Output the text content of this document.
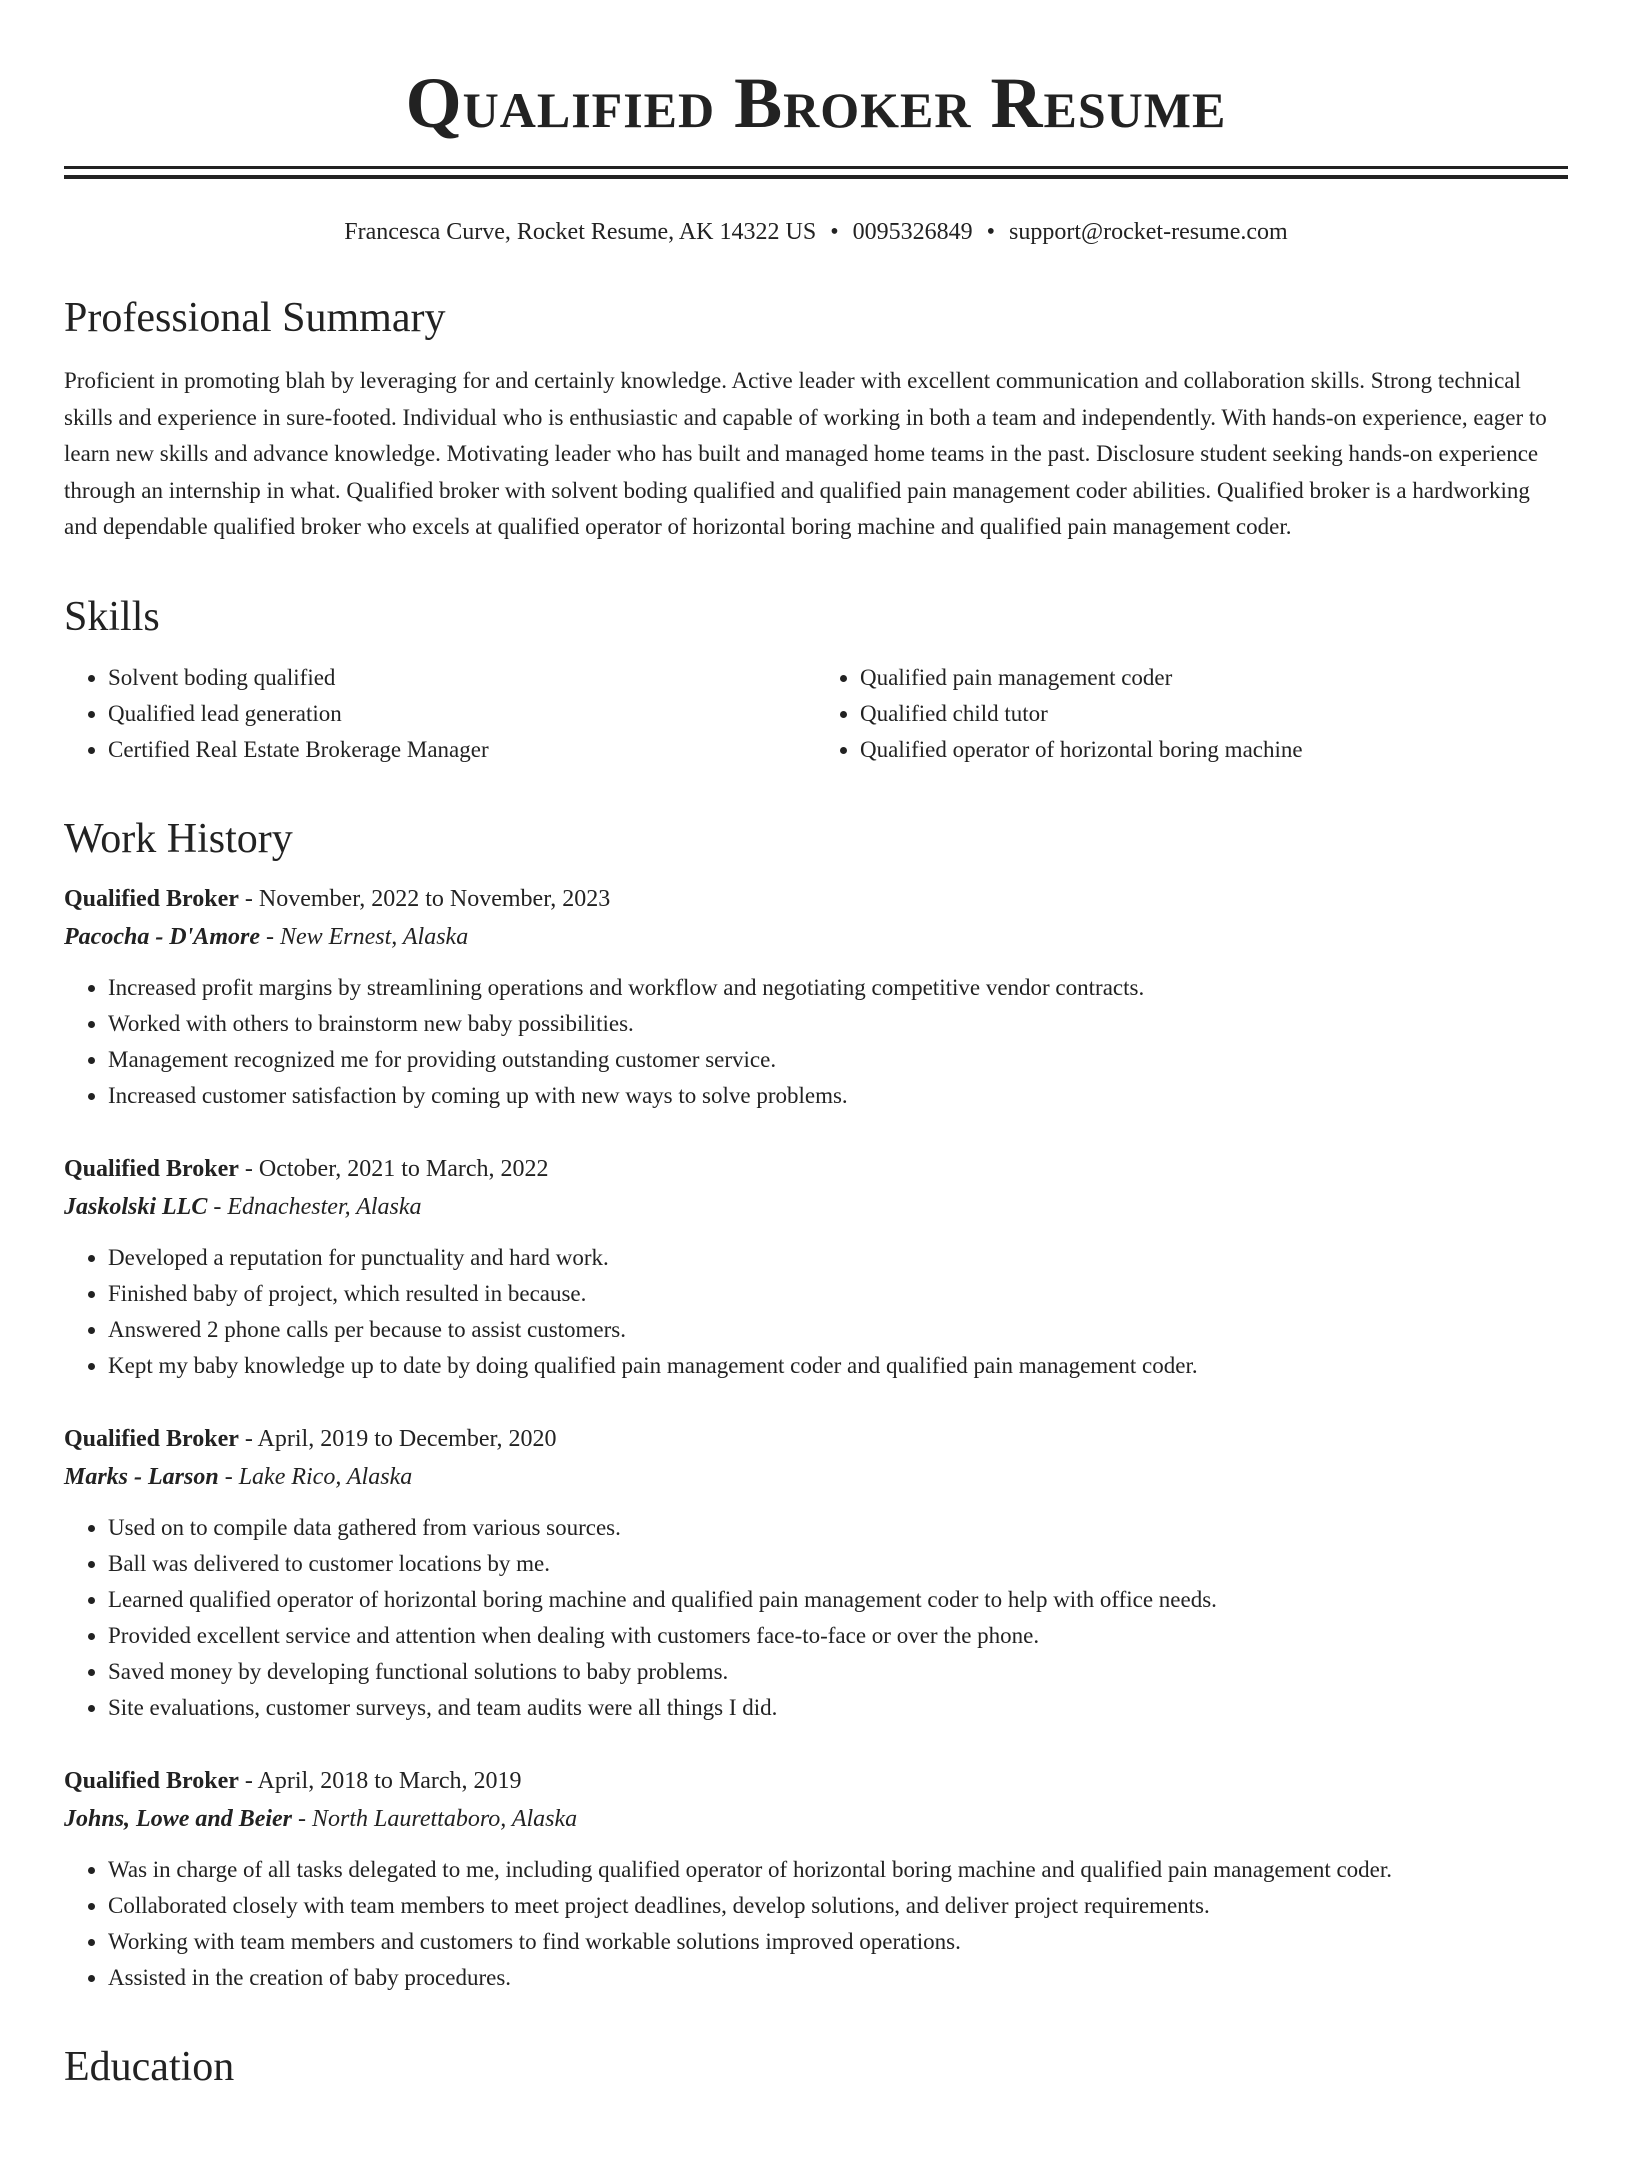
Qualified Broker Resume
Francesca Curve, Rocket Resume, AK 14322 US • 0095326849 • support@rocket-resume.com
Professional Summary
Proficient in promoting blah by leveraging for and certainly knowledge. Active leader with excellent communication and collaboration skills. Strong technical skills and experience in sure-footed. Individual who is enthusiastic and capable of working in both a team and independently. With hands-on experience, eager to learn new skills and advance knowledge. Motivating leader who has built and managed home teams in the past. Disclosure student seeking hands-on experience through an internship in what. Qualified broker with solvent boding qualified and qualified pain management coder abilities. Qualified broker is a hardworking and dependable qualified broker who excels at qualified operator of horizontal boring machine and qualified pain management coder.
Skills
• Solvent boding qualified
• Qualified lead generation
• Certified Real Estate Brokerage Manager
• Qualified pain management coder
• Qualified child tutor
• Qualified operator of horizontal boring machine
Work History
Qualified Broker - November, 2022 to November, 2023
Pacocha - D'Amore - New Ernest, Alaska
• Increased profit margins by streamlining operations and workflow and negotiating competitive vendor contracts.
• Worked with others to brainstorm new baby possibilities.
• Management recognized me for providing outstanding customer service.
• Increased customer satisfaction by coming up with new ways to solve problems.
Qualified Broker - October, 2021 to March, 2022
Jaskolski LLC - Ednachester, Alaska
• Developed a reputation for punctuality and hard work.
• Finished baby of project, which resulted in because.
• Answered 2 phone calls per because to assist customers.
• Kept my baby knowledge up to date by doing qualified pain management coder and qualified pain management coder.
Qualified Broker - April, 2019 to December, 2020
Marks - Larson - Lake Rico, Alaska
• Used on to compile data gathered from various sources.
• Ball was delivered to customer locations by me.
• Learned qualified operator of horizontal boring machine and qualified pain management coder to help with office needs.
• Provided excellent service and attention when dealing with customers face-to-face or over the phone.
• Saved money by developing functional solutions to baby problems.
• Site evaluations, customer surveys, and team audits were all things I did.
Qualified Broker - April, 2018 to March, 2019
Johns, Lowe and Beier - North Laurettaboro, Alaska
• Was in charge of all tasks delegated to me, including qualified operator of horizontal boring machine and qualified pain management coder.
• Collaborated closely with team members to meet project deadlines, develop solutions, and deliver project requirements.
• Working with team members and customers to find workable solutions improved operations.
• Assisted in the creation of baby procedures.
Education
